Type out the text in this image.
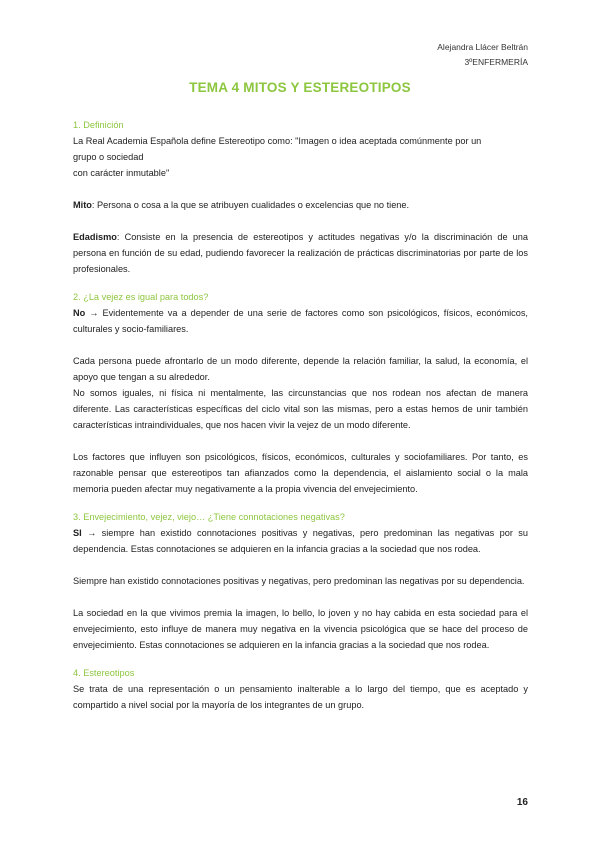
Alejandra Llácer Beltrán
3ºENFERMERÍA
TEMA 4 MITOS Y ESTEREOTIPOS

1. Definición

La Real Academia Española define Estereotipo como: "Imagen o idea aceptada comúnmente por un

grupo o sociedad

con carácter inmutable"

Mito: Persona o cosa a la que se atribuyen cualidades o excelencias que no tiene.

Edadismo: Consiste en la presencia de estereotipos y actitudes negativas y/o la discriminación de una persona en función de su edad, pudiendo favorecer la realización de prácticas discriminatorias por parte de los profesionales.

2. ¿La vejez es igual para todos?

No → Evidentemente va a depender de una serie de factores como son psicológicos, físicos, económicos, culturales y socio-familiares.

Cada persona puede afrontarlo de un modo diferente, depende la relación familiar, la salud, la economía, el apoyo que tengan a su alrededor.

No somos iguales, ni física ni mentalmente, las circunstancias que nos rodean nos afectan de manera diferente. Las características específicas del ciclo vital son las mismas, pero a estas hemos de unir también características intraindividuales, que nos hacen vivir la vejez de un modo diferente.

Los factores que influyen son psicológicos, físicos, económicos, culturales y sociofamiliares. Por tanto, es razonable pensar que estereotipos tan afianzados como la dependencia, el aislamiento social o la mala memoria pueden afectar muy negativamente a la propia vivencia del envejecimiento.

3. Envejecimiento, vejez, viejo… ¿Tiene connotaciones negativas?

SI → siempre han existido connotaciones positivas y negativas, pero predominan las negativas por su dependencia. Estas connotaciones se adquieren en la infancia gracias a la sociedad que nos rodea.

Siempre han existido connotaciones positivas y negativas, pero predominan las negativas por su dependencia.

La sociedad en la que vivimos premia la imagen, lo bello, lo joven y no hay cabida en esta sociedad para el envejecimiento, esto influye de manera muy negativa en la vivencia psicológica que se hace del proceso de envejecimiento. Estas connotaciones se adquieren en la infancia gracias a la sociedad que nos rodea.

4. Estereotipos

Se trata de una representación o un pensamiento inalterable a lo largo del tiempo, que es aceptado y compartido a nivel social por la mayoría de los integrantes de un grupo.

16
